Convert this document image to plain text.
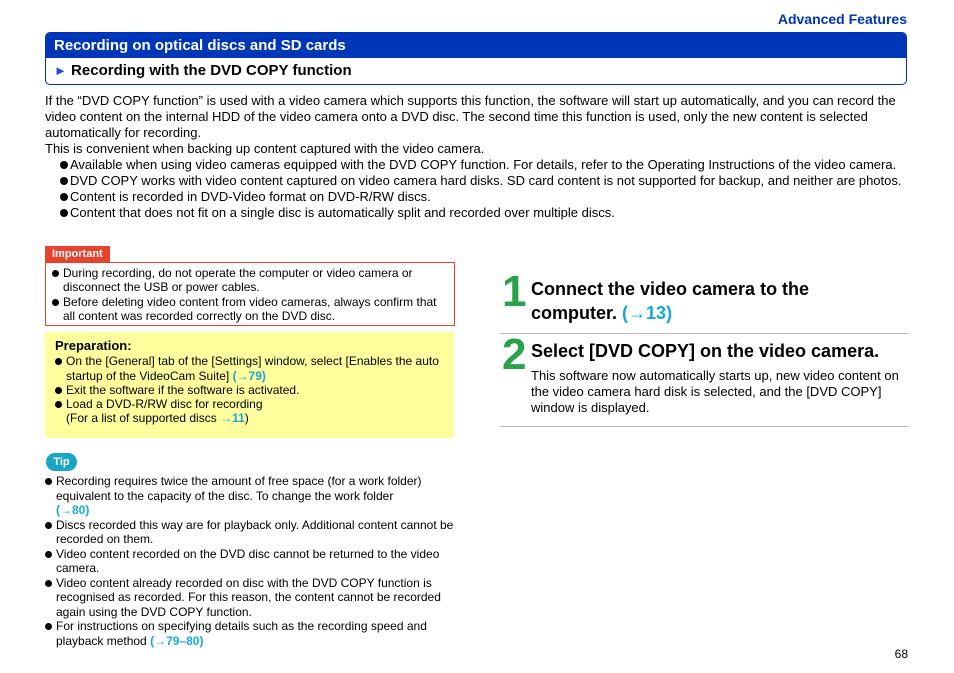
Advanced Features
Recording on optical discs and SD cards
► Recording with the DVD COPY function

If the “DVD COPY function” is used with a video camera which supports this function, the software will start up automatically, and you can record the video content on the internal HDD of the video camera onto a DVD disc. The second time this function is used, only the new content is selected automatically for recording.

This is convenient when backing up content captured with the video camera.

Available when using video cameras equipped with the DVD COPY function. For details, refer to the Operating Instructions of the video camera.
DVD COPY works with video content captured on video camera hard disks. SD card content is not supported for backup, and neither are photos.
Content is recorded in DVD-Video format on DVD-R/RW discs.
Content that does not fit on a single disc is automatically split and recorded over multiple discs.
Important
During recording, do not operate the computer or video camera or disconnect the USB or power cables.
Before deleting video content from video cameras, always confirm that all content was recorded correctly on the DVD disc.
Preparation:
On the [General] tab of the [Settings] window, select [Enables the auto startup of the VideoCam Suite] (→79)
Exit the software if the software is activated.
Load a DVD-R/RW disc for recording
(For a list of supported discs →11)
Tip
Recording requires twice the amount of free space (for a work folder) equivalent to the capacity of the disc. To change the work folder
(→80)
Discs recorded this way are for playback only. Additional content cannot be recorded on them.
Video content recorded on the DVD disc cannot be returned to the video camera.
Video content already recorded on disc with the DVD COPY function is recognised as recorded. For this reason, the content cannot be recorded again using the DVD COPY function.
For instructions on specifying details such as the recording speed and playback method (→79–80)
1 Connect the video camera to the computer. (→13)
2 Select [DVD COPY] on the video camera.
This software now automatically starts up, new video content on the video camera hard disk is selected, and the [DVD COPY] window is displayed.
68
